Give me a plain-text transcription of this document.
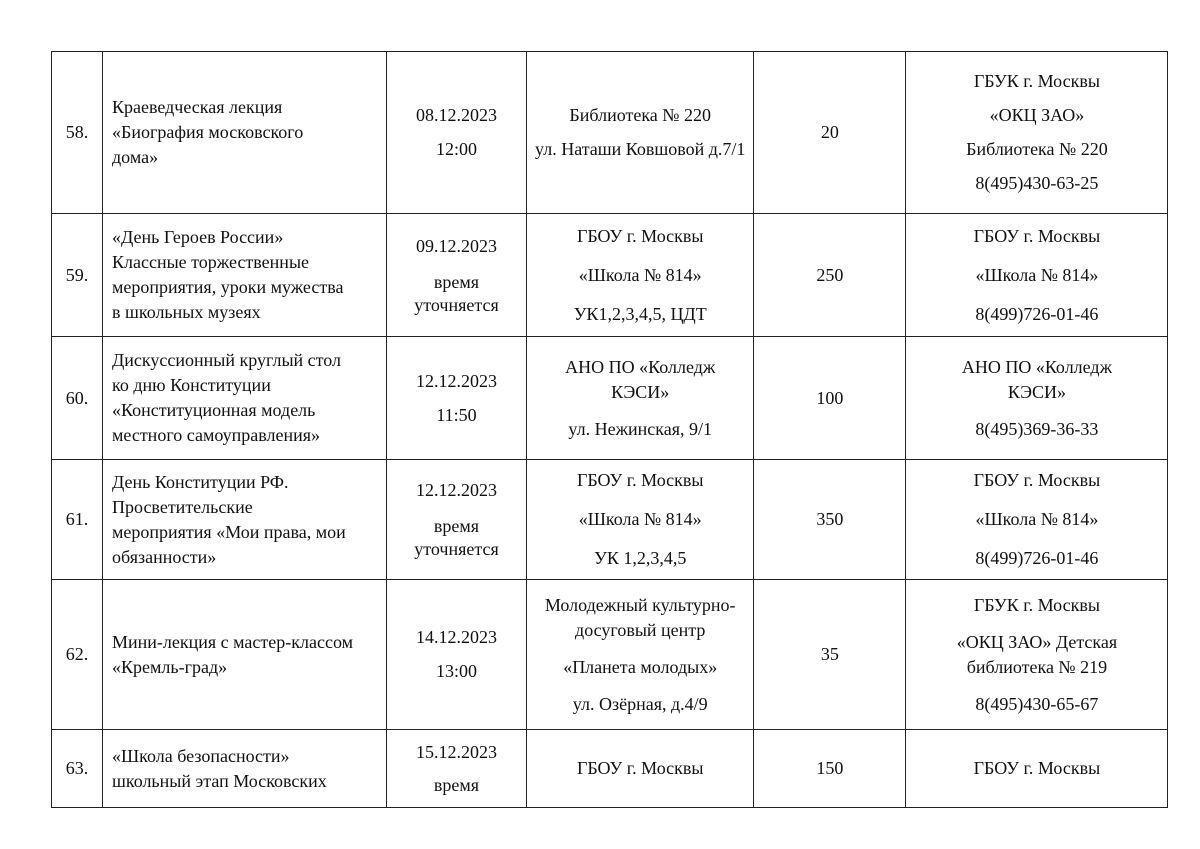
58.	Краеведческая лекция
«Биография московского
дома»	08.12.2023
12:00	Библиотека № 220
ул. Наташи Ковшовой д.7/1	20	ГБУК г. Москвы
«ОКЦ ЗАО»
Библиотека № 220
8(495)430-63-25

59.	«День Героев России»
Классные торжественные
мероприятия, уроки мужества
в школьных музеях	09.12.2023
время
уточняется	ГБОУ г. Москвы
«Школа № 814»
УК1,2,3,4,5, ЦДТ	250	ГБОУ г. Москвы
«Школа № 814»
8(499)726-01-46

60.	Дискуссионный круглый стол
ко дню Конституции
«Конституционная модель
местного самоуправления»	12.12.2023
11:50	АНО ПО «Колледж
КЭСИ»
ул. Нежинская, 9/1	100	АНО ПО «Колледж
КЭСИ»
8(495)369-36-33

61.	День Конституции РФ.
Просветительские
мероприятия «Мои права, мои
обязанности»	12.12.2023
время
уточняется	ГБОУ г. Москвы
«Школа № 814»
УК 1,2,3,4,5	350	ГБОУ г. Москвы
«Школа № 814»
8(499)726-01-46

62.	Мини-лекция с мастер-классом
«Кремль-град»	14.12.2023
13:00	Молодежный культурно-
досуговый центр
«Планета молодых»
ул. Озёрная, д.4/9	35	ГБУК г. Москвы
«ОКЦ ЗАО» Детская
библиотека № 219
8(495)430-65-67

63.	«Школа безопасности»
школьный этап Московских	15.12.2023
время	ГБОУ г. Москвы	150	ГБОУ г. Москвы
